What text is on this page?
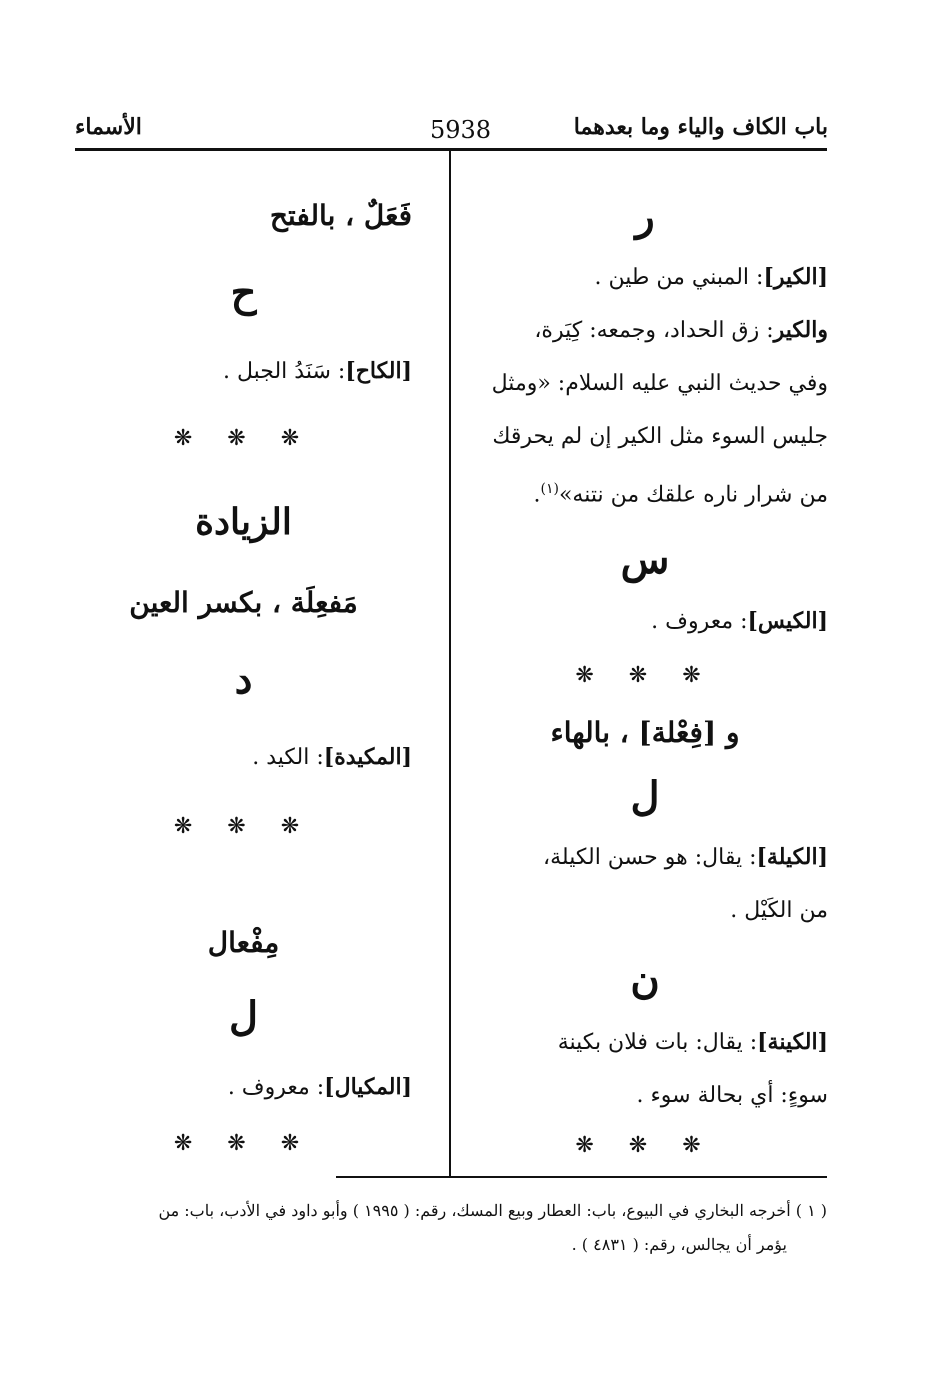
باب الكاف والياء وما بعدهما
5938
الأسماء
ر
[الكير]: المبني من طين .
والكير: زق الحداد، وجمعه: كِيَرة،
وفي حديث النبي عليه السلام: «ومثل
جليس السوء مثل الكير إن لم يحرقك
من شرار ناره علقك من نتنه»$^{(١)}$.
س
[الكيس]: معروف .
❋ ❋ ❋
و [فِعْلة] ، بالهاء
ل
[الكيلة]: يقال: هو حسن الكيلة،
من الكَيْل .
ن
[الكينة]: يقال: بات فلان بكينة
سوءٍ: أي بحالة سوء .
❋ ❋ ❋
فَعَلٌ ، بالفتح
ح
[الكاح]: سَنَدُ الجبل .
❋ ❋ ❋
الزيادة
مَفعِلَة ، بكسر العين
د
[المكيدة]: الكيد .
❋ ❋ ❋
مِفْعال
ل
[المكيال]: معروف .
❋ ❋ ❋
( ١ ) أخرجه البخاري في البيوع، باب: العطار وبيع المسك، رقم: ( ١٩٩٥ ) وأبو داود في الأدب، باب: من
يؤمر أن يجالس، رقم: ( ٤٨٣١ ) .
